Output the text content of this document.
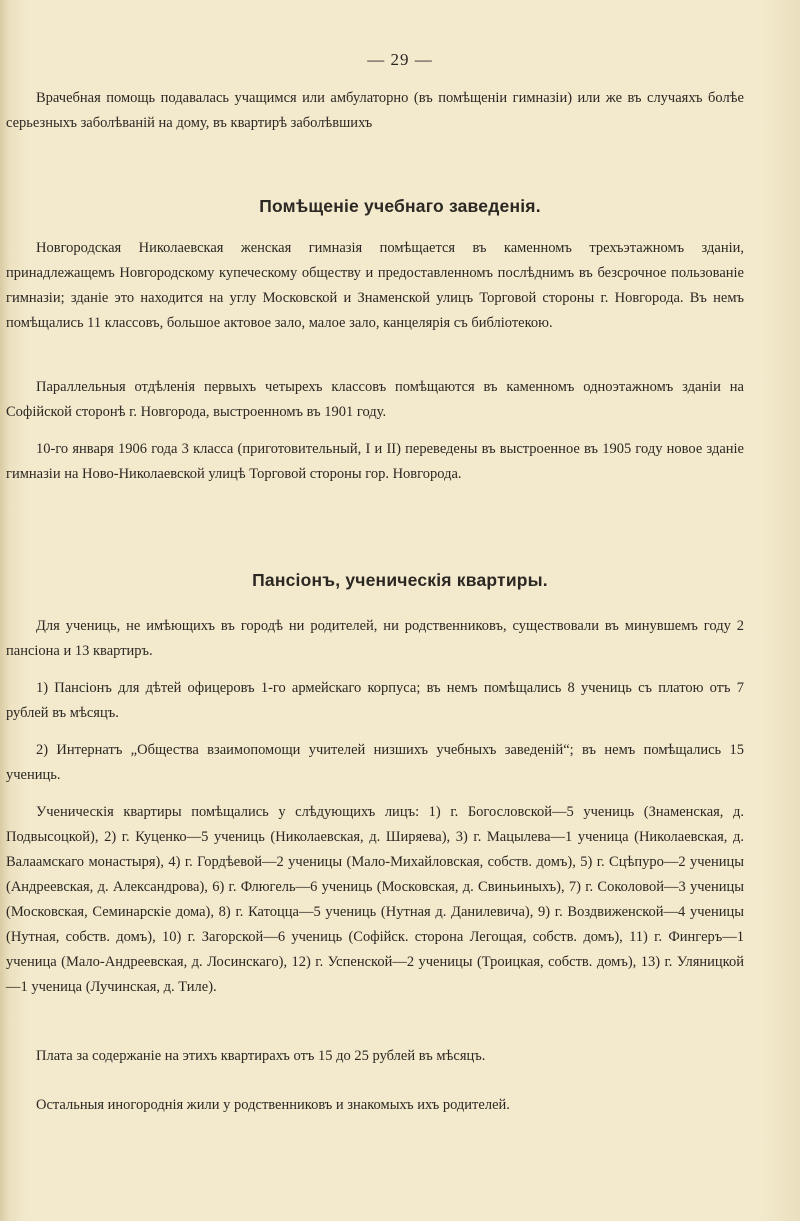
— 29 —

Врачебная помощь подавалась учащимся или амбулаторно (въ помѣщеніи гимназіи) или же въ случаяхъ болѣе серьезныхъ заболѣваній на дому, въ квартирѣ заболѣвшихъ

Помѣщеніе учебнаго заведенія.

Новгородская Николаевская женская гимназія помѣщается въ каменномъ трехъэтажномъ зданіи, принадлежащемъ Новгородскому купеческому обществу и предоставленномъ послѣднимъ въ безсрочное пользованіе гимназіи; зданіе это находится на углу Московской и Знаменской улицъ Торговой стороны г. Новгорода. Въ немъ помѣщались 11 классовъ, большое актовое зало, малое зало, канцелярія съ библіотекою.

Параллельныя отдѣленія первыхъ четырехъ классовъ помѣщаются въ каменномъ одноэтажномъ зданіи на Софійской сторонѣ г. Новгорода, выстроенномъ въ 1901 году.

10-го января 1906 года 3 класса (приготовительный, I и II) переведены въ выстроенное въ 1905 году новое зданіе гимназіи на Ново-Николаевской улицѣ Торговой стороны гор. Новгорода.

Пансіонъ, ученическія квартиры.

Для учениць, не имѣющихъ въ городѣ ни родителей, ни родственниковъ, существовали въ минувшемъ году 2 пансіона и 13 квартиръ.

1) Пансіонъ для дѣтей офицеровъ 1-го армейскаго корпуса; въ немъ помѣщались 8 учениць съ платою отъ 7 рублей въ мѣсяцъ.

2) Интернатъ „Общества взаимопомощи учителей низшихъ учебныхъ заведеній“; въ немъ помѣщались 15 учениць.

Ученическія квартиры помѣщались у слѣдующихъ лицъ: 1) г. Богословской—5 учениць (Знаменская, д. Подвысоцкой), 2) г. Куценко—5 учениць (Николаевская, д. Ширяева), 3) г. Мацылева—1 ученица (Николаевская, д. Валаамскаго монастыря), 4) г. Гордѣевой—2 ученицы (Мало-Михайловская, собств. домъ), 5) г. Сцѣпуро—2 ученицы (Андреевская, д. Александрова), 6) г. Флюгель—6 учениць (Московская, д. Свиньиныхъ), 7) г. Соколовой—3 ученицы (Московская, Семинарскіе дома), 8) г. Катоцца—5 учениць (Нутная д. Данилевича), 9) г. Воздвиженской—4 ученицы (Нутная, собств. домъ), 10) г. Загорской—6 учениць (Софійск. сторона Легощая, собств. домъ), 11) г. Фингеръ—1 ученица (Мало-Андреевская, д. Лосинскаго), 12) г. Успенской—2 ученицы (Троицкая, собств. домъ), 13) г. Уляницкой—1 ученица (Лучинская, д. Тиле).

Плата за содержаніе на этихъ квартирахъ отъ 15 до 25 рублей въ мѣсяцъ.

Остальныя иногороднія жили у родственниковъ и знакомыхъ ихъ родителей.
